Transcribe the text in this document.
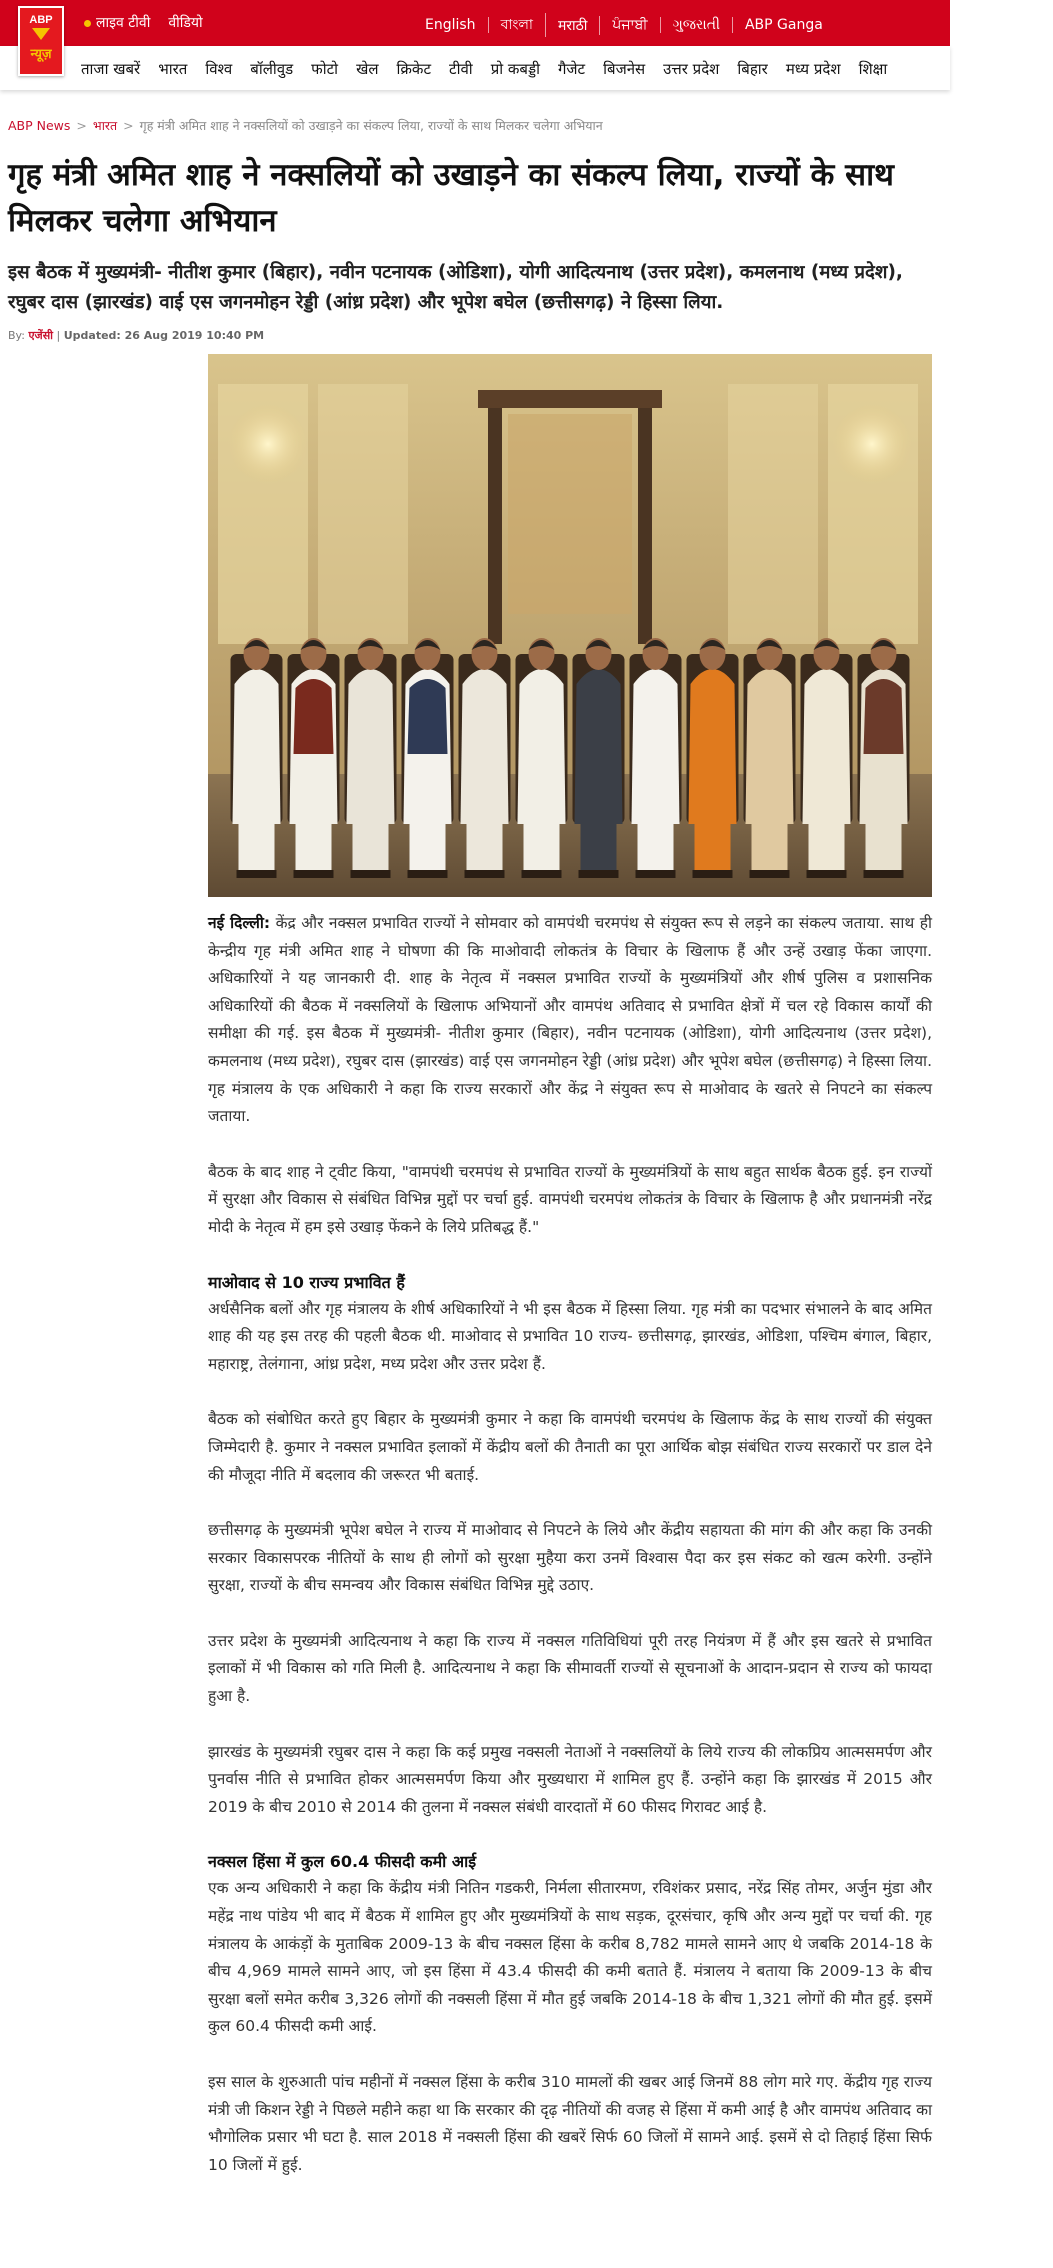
लाइव टीवी वीडियो	English	বাংলা	मराठी	ਪੰਜਾਬੀ	ગુજરાતી	ABP Ganga
ABP
न्यूज़
ताजा खबरें भारत विश्व बॉलीवुड फोटो खेल क्रिकेट टीवी प्रो कबड्डी गैजेट बिजनेस उत्तर प्रदेश बिहार मध्य प्रदेश शिक्षा
ABP News > भारत > गृह मंत्री अमित शाह ने नक्सलियों को उखाड़ने का संकल्प लिया, राज्यों के साथ मिलकर चलेगा अभियान
गृह मंत्री अमित शाह ने नक्सलियों को उखाड़ने का संकल्प लिया, राज्यों के साथ मिलकर चलेगा अभियान
इस बैठक में मुख्यमंत्री- नीतीश कुमार (बिहार), नवीन पटनायक (ओडिशा), योगी आदित्यनाथ (उत्तर प्रदेश), कमलनाथ (मध्य प्रदेश), रघुबर दास (झारखंड) वाई एस जगनमोहन रेड्डी (आंध्र प्रदेश) और भूपेश बघेल (छत्तीसगढ़) ने हिस्सा लिया.
By: एजेंसी | Updated: 26 Aug 2019 10:40 PM

नई दिल्ली: केंद्र और नक्सल प्रभावित राज्यों ने सोमवार को वामपंथी चरमपंथ से संयुक्त रूप से लड़ने का संकल्प जताया. साथ ही केन्द्रीय गृह मंत्री अमित शाह ने घोषणा की कि माओवादी लोकतंत्र के विचार के खिलाफ हैं और उन्हें उखाड़ फेंका जाएगा. अधिकारियों ने यह जानकारी दी. शाह के नेतृत्व में नक्सल प्रभावित राज्यों के मुख्यमंत्रियों और शीर्ष पुलिस व प्रशासनिक अधिकारियों की बैठक में नक्सलियों के खिलाफ अभियानों और वामपंथ अतिवाद से प्रभावित क्षेत्रों में चल रहे विकास कार्यों की समीक्षा की गई. इस बैठक में मुख्यमंत्री- नीतीश कुमार (बिहार), नवीन पटनायक (ओडिशा), योगी आदित्यनाथ (उत्तर प्रदेश), कमलनाथ (मध्य प्रदेश), रघुबर दास (झारखंड) वाई एस जगनमोहन रेड्डी (आंध्र प्रदेश) और भूपेश बघेल (छत्तीसगढ़) ने हिस्सा लिया. गृह मंत्रालय के एक अधिकारी ने कहा कि राज्य सरकारों और केंद्र ने संयुक्त रूप से माओवाद के खतरे से निपटने का संकल्प जताया.

बैठक के बाद शाह ने ट्वीट किया, "वामपंथी चरमपंथ से प्रभावित राज्यों के मुख्यमंत्रियों के साथ बहुत सार्थक बैठक हुई. इन राज्यों में सुरक्षा और विकास से संबंधित विभिन्न मुद्दों पर चर्चा हुई. वामपंथी चरमपंथ लोकतंत्र के विचार के खिलाफ है और प्रधानमंत्री नरेंद्र मोदी के नेतृत्व में हम इसे उखाड़ फेंकने के लिये प्रतिबद्ध हैं."

माओवाद से 10 राज्य प्रभावित हैं

अर्धसैनिक बलों और गृह मंत्रालय के शीर्ष अधिकारियों ने भी इस बैठक में हिस्सा लिया. गृह मंत्री का पदभार संभालने के बाद अमित शाह की यह इस तरह की पहली बैठक थी. माओवाद से प्रभावित 10 राज्य- छत्तीसगढ़, झारखंड, ओडिशा, पश्चिम बंगाल, बिहार, महाराष्ट्र, तेलंगाना, आंध्र प्रदेश, मध्य प्रदेश और उत्तर प्रदेश हैं.

बैठक को संबोधित करते हुए बिहार के मुख्यमंत्री कुमार ने कहा कि वामपंथी चरमपंथ के खिलाफ केंद्र के साथ राज्यों की संयुक्त जिम्मेदारी है. कुमार ने नक्सल प्रभावित इलाकों में केंद्रीय बलों की तैनाती का पूरा आर्थिक बोझ संबंधित राज्य सरकारों पर डाल देने की मौजूदा नीति में बदलाव की जरूरत भी बताई.

छत्तीसगढ़ के मुख्यमंत्री भूपेश बघेल ने राज्य में माओवाद से निपटने के लिये और केंद्रीय सहायता की मांग की और कहा कि उनकी सरकार विकासपरक नीतियों के साथ ही लोगों को सुरक्षा मुहैया करा उनमें विश्वास पैदा कर इस संकट को खत्म करेगी. उन्होंने सुरक्षा, राज्यों के बीच समन्वय और विकास संबंधित विभिन्न मुद्दे उठाए.

उत्तर प्रदेश के मुख्यमंत्री आदित्यनाथ ने कहा कि राज्य में नक्सल गतिविधियां पूरी तरह नियंत्रण में हैं और इस खतरे से प्रभावित इलाकों में भी विकास को गति मिली है. आदित्यनाथ ने कहा कि सीमावर्ती राज्यों से सूचनाओं के आदान-प्रदान से राज्य को फायदा हुआ है.

झारखंड के मुख्यमंत्री रघुबर दास ने कहा कि कई प्रमुख नक्सली नेताओं ने नक्सलियों के लिये राज्य की लोकप्रिय आत्मसमर्पण और पुनर्वास नीति से प्रभावित होकर आत्मसमर्पण किया और मुख्यधारा में शामिल हुए हैं. उन्होंने कहा कि झारखंड में 2015 और 2019 के बीच 2010 से 2014 की तुलना में नक्सल संबंधी वारदातों में 60 फीसद गिरावट आई है.

नक्सल हिंसा में कुल 60.4 फीसदी कमी आई

एक अन्य अधिकारी ने कहा कि केंद्रीय मंत्री नितिन गडकरी, निर्मला सीतारमण, रविशंकर प्रसाद, नरेंद्र सिंह तोमर, अर्जुन मुंडा और महेंद्र नाथ पांडेय भी बाद में बैठक में शामिल हुए और मुख्यमंत्रियों के साथ सड़क, दूरसंचार, कृषि और अन्य मुद्दों पर चर्चा की. गृह मंत्रालय के आकंड़ों के मुताबिक 2009-13 के बीच नक्सल हिंसा के करीब 8,782 मामले सामने आए थे जबकि 2014-18 के बीच 4,969 मामले सामने आए, जो इस हिंसा में 43.4 फीसदी की कमी बताते हैं. मंत्रालय ने बताया कि 2009-13 के बीच सुरक्षा बलों समेत करीब 3,326 लोगों की नक्सली हिंसा में मौत हुई जबकि 2014-18 के बीच 1,321 लोगों की मौत हुई. इसमें कुल 60.4 फीसदी कमी आई.

इस साल के शुरुआती पांच महीनों में नक्सल हिंसा के करीब 310 मामलों की खबर आई जिनमें 88 लोग मारे गए. केंद्रीय गृह राज्य मंत्री जी किशन रेड्डी ने पिछले महीने कहा था कि सरकार की दृढ़ नीतियों की वजह से हिंसा में कमी आई है और वामपंथ अतिवाद का भौगोलिक प्रसार भी घटा है. साल 2018 में नक्सली हिंसा की खबरें सिर्फ 60 जिलों में सामने आई. इसमें से दो तिहाई हिंसा सिर्फ 10 जिलों में हुई.
